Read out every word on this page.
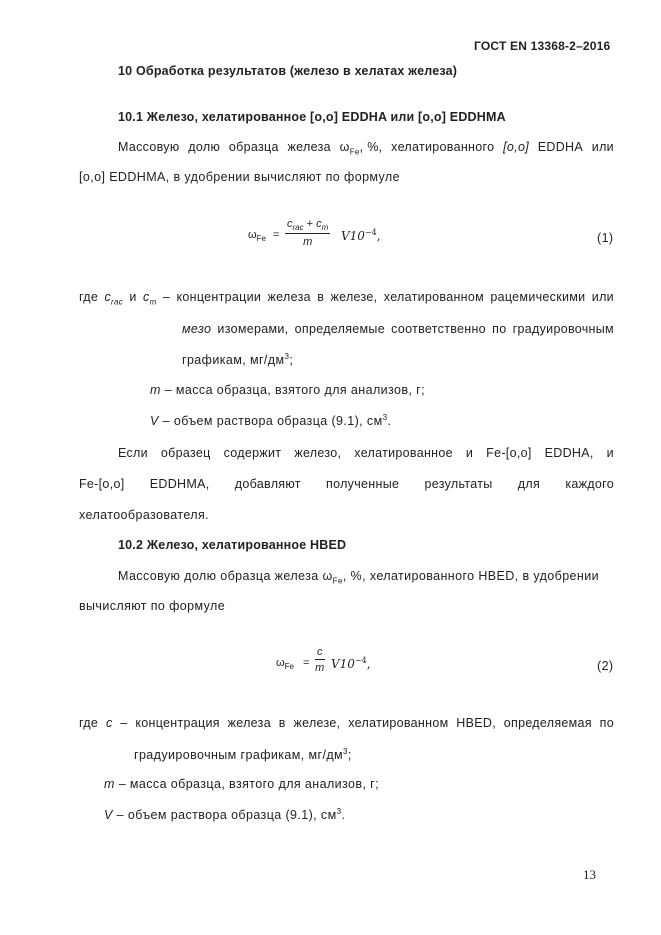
ГОСТ EN 13368-2–2016
10 Обработка результатов (железо в хелатах железа)
10.1 Железо, хелатированное [o,o] EDDHA или [o,o] EDDHMA
Массовую долю образца железа $\omega_{Fe}$, %, хелатированного [o,o] EDDHA или
[o,o] EDDHMA, в удобрении вычисляют по формуле
$\omega_{Fe}$ =
$c_{rac} + c_m$
m $V10^{-4}$,	(1)
где $c_{rac}$ и $c_m$ – концентрации железа в железе, хелатированном рацемическими или
мезо изомерами, определяемые соответственно по градуировочным
графикам, $мг/дм^3$;
m – масса образца, взятого для анализов, г;
V – объем раствора образца (9.1), $см^3$.
Если образец содержит железо, хелатированное и Fe-[o,o] EDDHA, и
Fe-[o,o] EDDHMA, добавляют полученные результаты для каждого
хелатообразователя.
10.2 Железо, хелатированное HBED
Массовую долю образца железа $\omega_{Fe}$, %, хелатированного HBED, в удобрении
вычисляют по формуле
$\omega_{Fe} = \frac{c}{m} V10^{-4}$,	(2)
где c – концентрация железа в железе, хелатированном HBED, определяемая по
градуировочным графикам, $мг/дм^3$;
m – масса образца, взятого для анализов, г;
V – объем раствора образца (9.1), $см^3$.
13
